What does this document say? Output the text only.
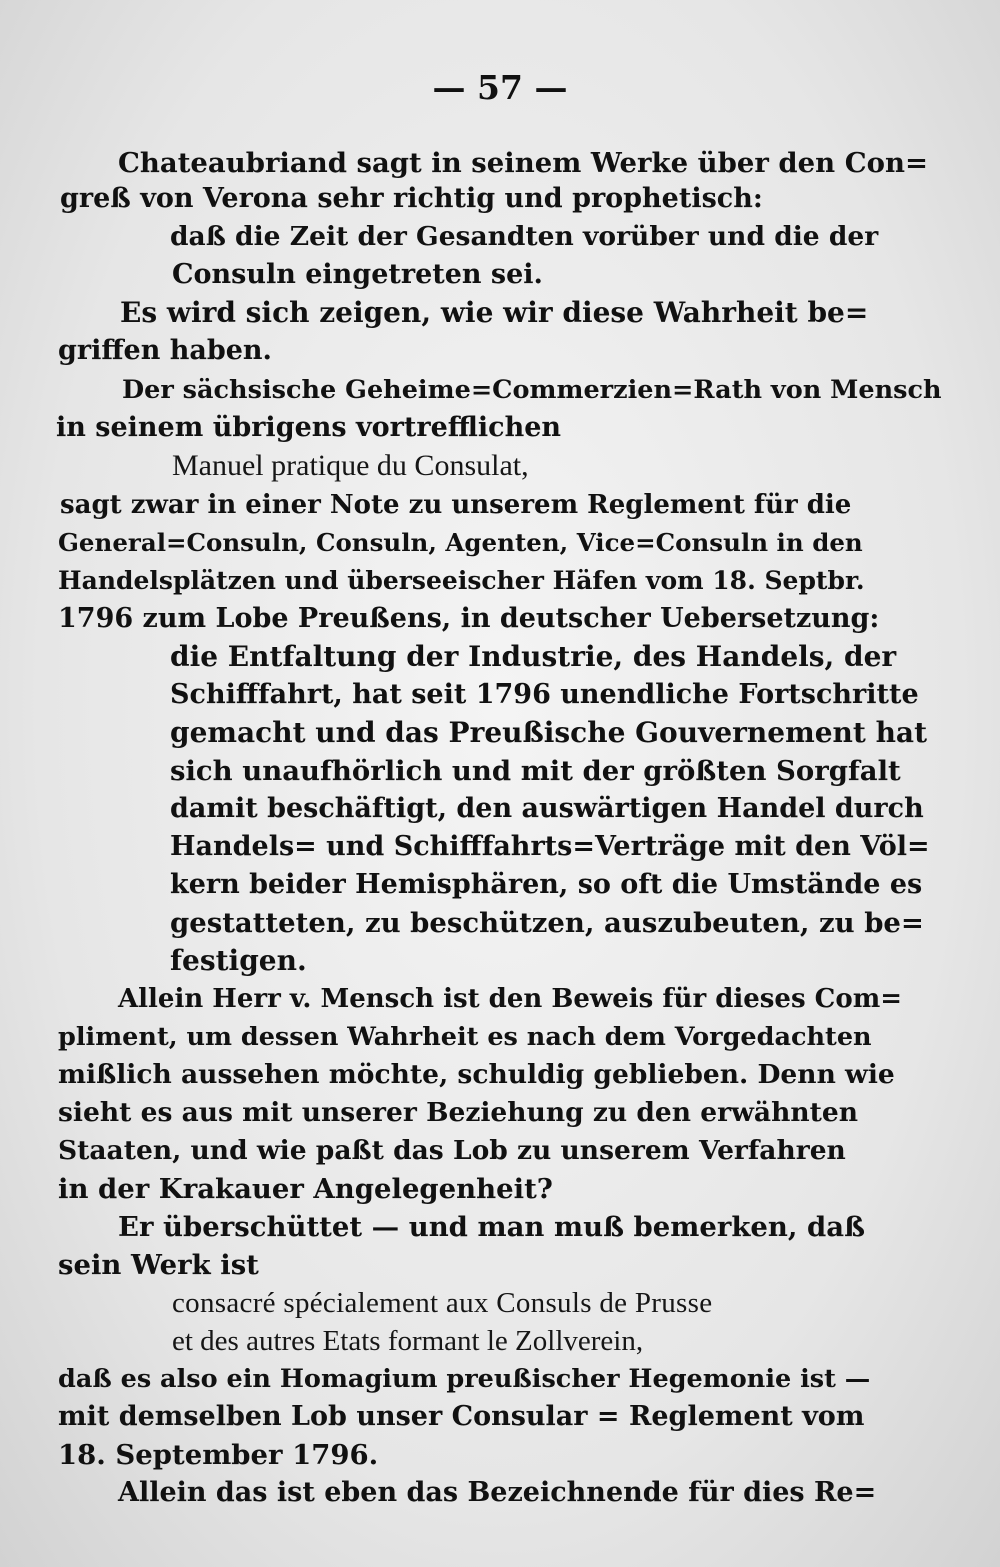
— 57 —
Chateaubriand sagt in seinem Werke über den Con=
greß von Verona sehr richtig und prophetisch:
daß die Zeit der Gesandten vorüber und die der
Consuln eingetreten sei.
Es wird sich zeigen, wie wir diese Wahrheit be=
griffen haben.
Der sächsische Geheime=Commerzien=Rath von Mensch
in seinem übrigens vortrefflichen
Manuel pratique du Consulat,
sagt zwar in einer Note zu unserem Reglement für die
General=Consuln, Consuln, Agenten, Vice=Consuln in den
Handelsplätzen und überseeischer Häfen vom 18. Septbr.
1796 zum Lobe Preußens, in deutscher Uebersetzung:
die Entfaltung der Industrie, des Handels, der
Schifffahrt, hat seit 1796 unendliche Fortschritte
gemacht und das Preußische Gouvernement hat
sich unaufhörlich und mit der größten Sorgfalt
damit beschäftigt, den auswärtigen Handel durch
Handels= und Schifffahrts=Verträge mit den Völ=
kern beider Hemisphären, so oft die Umstände es
gestatteten, zu beschützen, auszubeuten, zu be=
festigen.
Allein Herr v. Mensch ist den Beweis für dieses Com=
pliment, um dessen Wahrheit es nach dem Vorgedachten
mißlich aussehen möchte, schuldig geblieben. Denn wie
sieht es aus mit unserer Beziehung zu den erwähnten
Staaten, und wie paßt das Lob zu unserem Verfahren
in der Krakauer Angelegenheit?
Er überschüttet — und man muß bemerken, daß
sein Werk ist
consacré spécialement aux Consuls de Prusse
et des autres Etats formant le Zollverein,
daß es also ein Homagium preußischer Hegemonie ist —
mit demselben Lob unser Consular = Reglement vom
18. September 1796.
Allein das ist eben das Bezeichnende für dies Re=
